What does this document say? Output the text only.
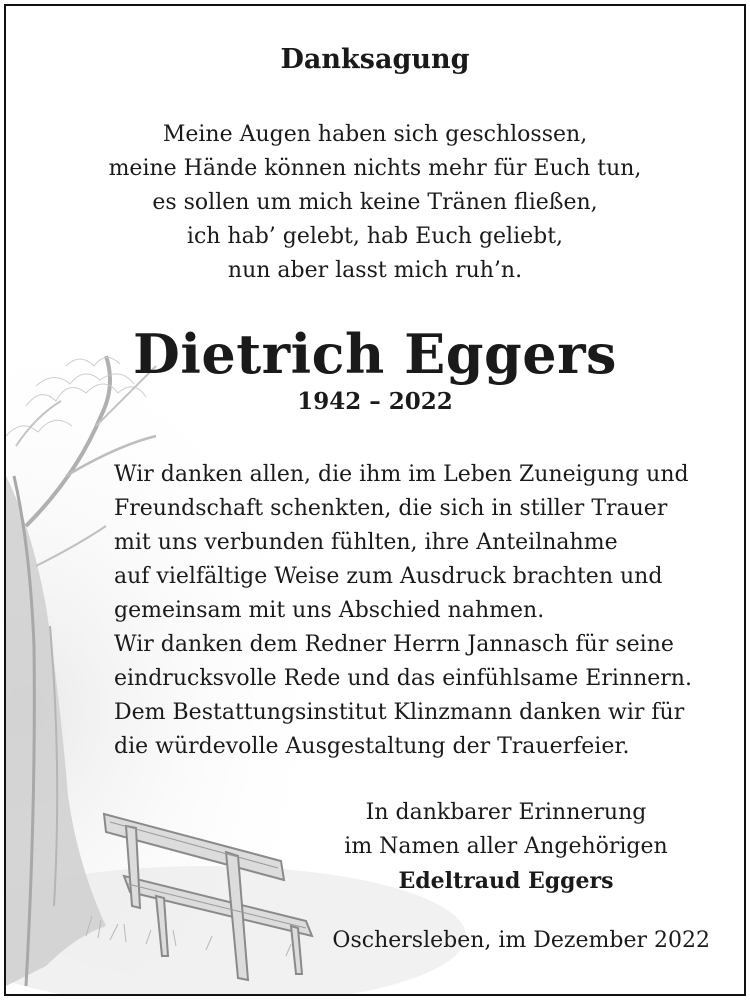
Danksagung
Meine Augen haben sich geschlossen,
meine Hände können nichts mehr für Euch tun,
es sollen um mich keine Tränen fließen,
ich hab’ gelebt, hab Euch geliebt,
nun aber lasst mich ruh’n.
Dietrich Eggers
1942 – 2022
Wir danken allen, die ihm im Leben Zuneigung und
Freundschaft schenkten, die sich in stiller Trauer
mit uns verbunden fühlten, ihre Anteilnahme
auf vielfältige Weise zum Ausdruck brachten und
gemeinsam mit uns Abschied nahmen.
Wir danken dem Redner Herrn Jannasch für seine
eindrucksvolle Rede und das einfühlsame Erinnern.
Dem Bestattungsinstitut Klinzmann danken wir für
die würdevolle Ausgestaltung der Trauerfeier.
In dankbarer Erinnerung
im Namen aller Angehörigen
Edeltraud Eggers
Oschersleben, im Dezember 2022
